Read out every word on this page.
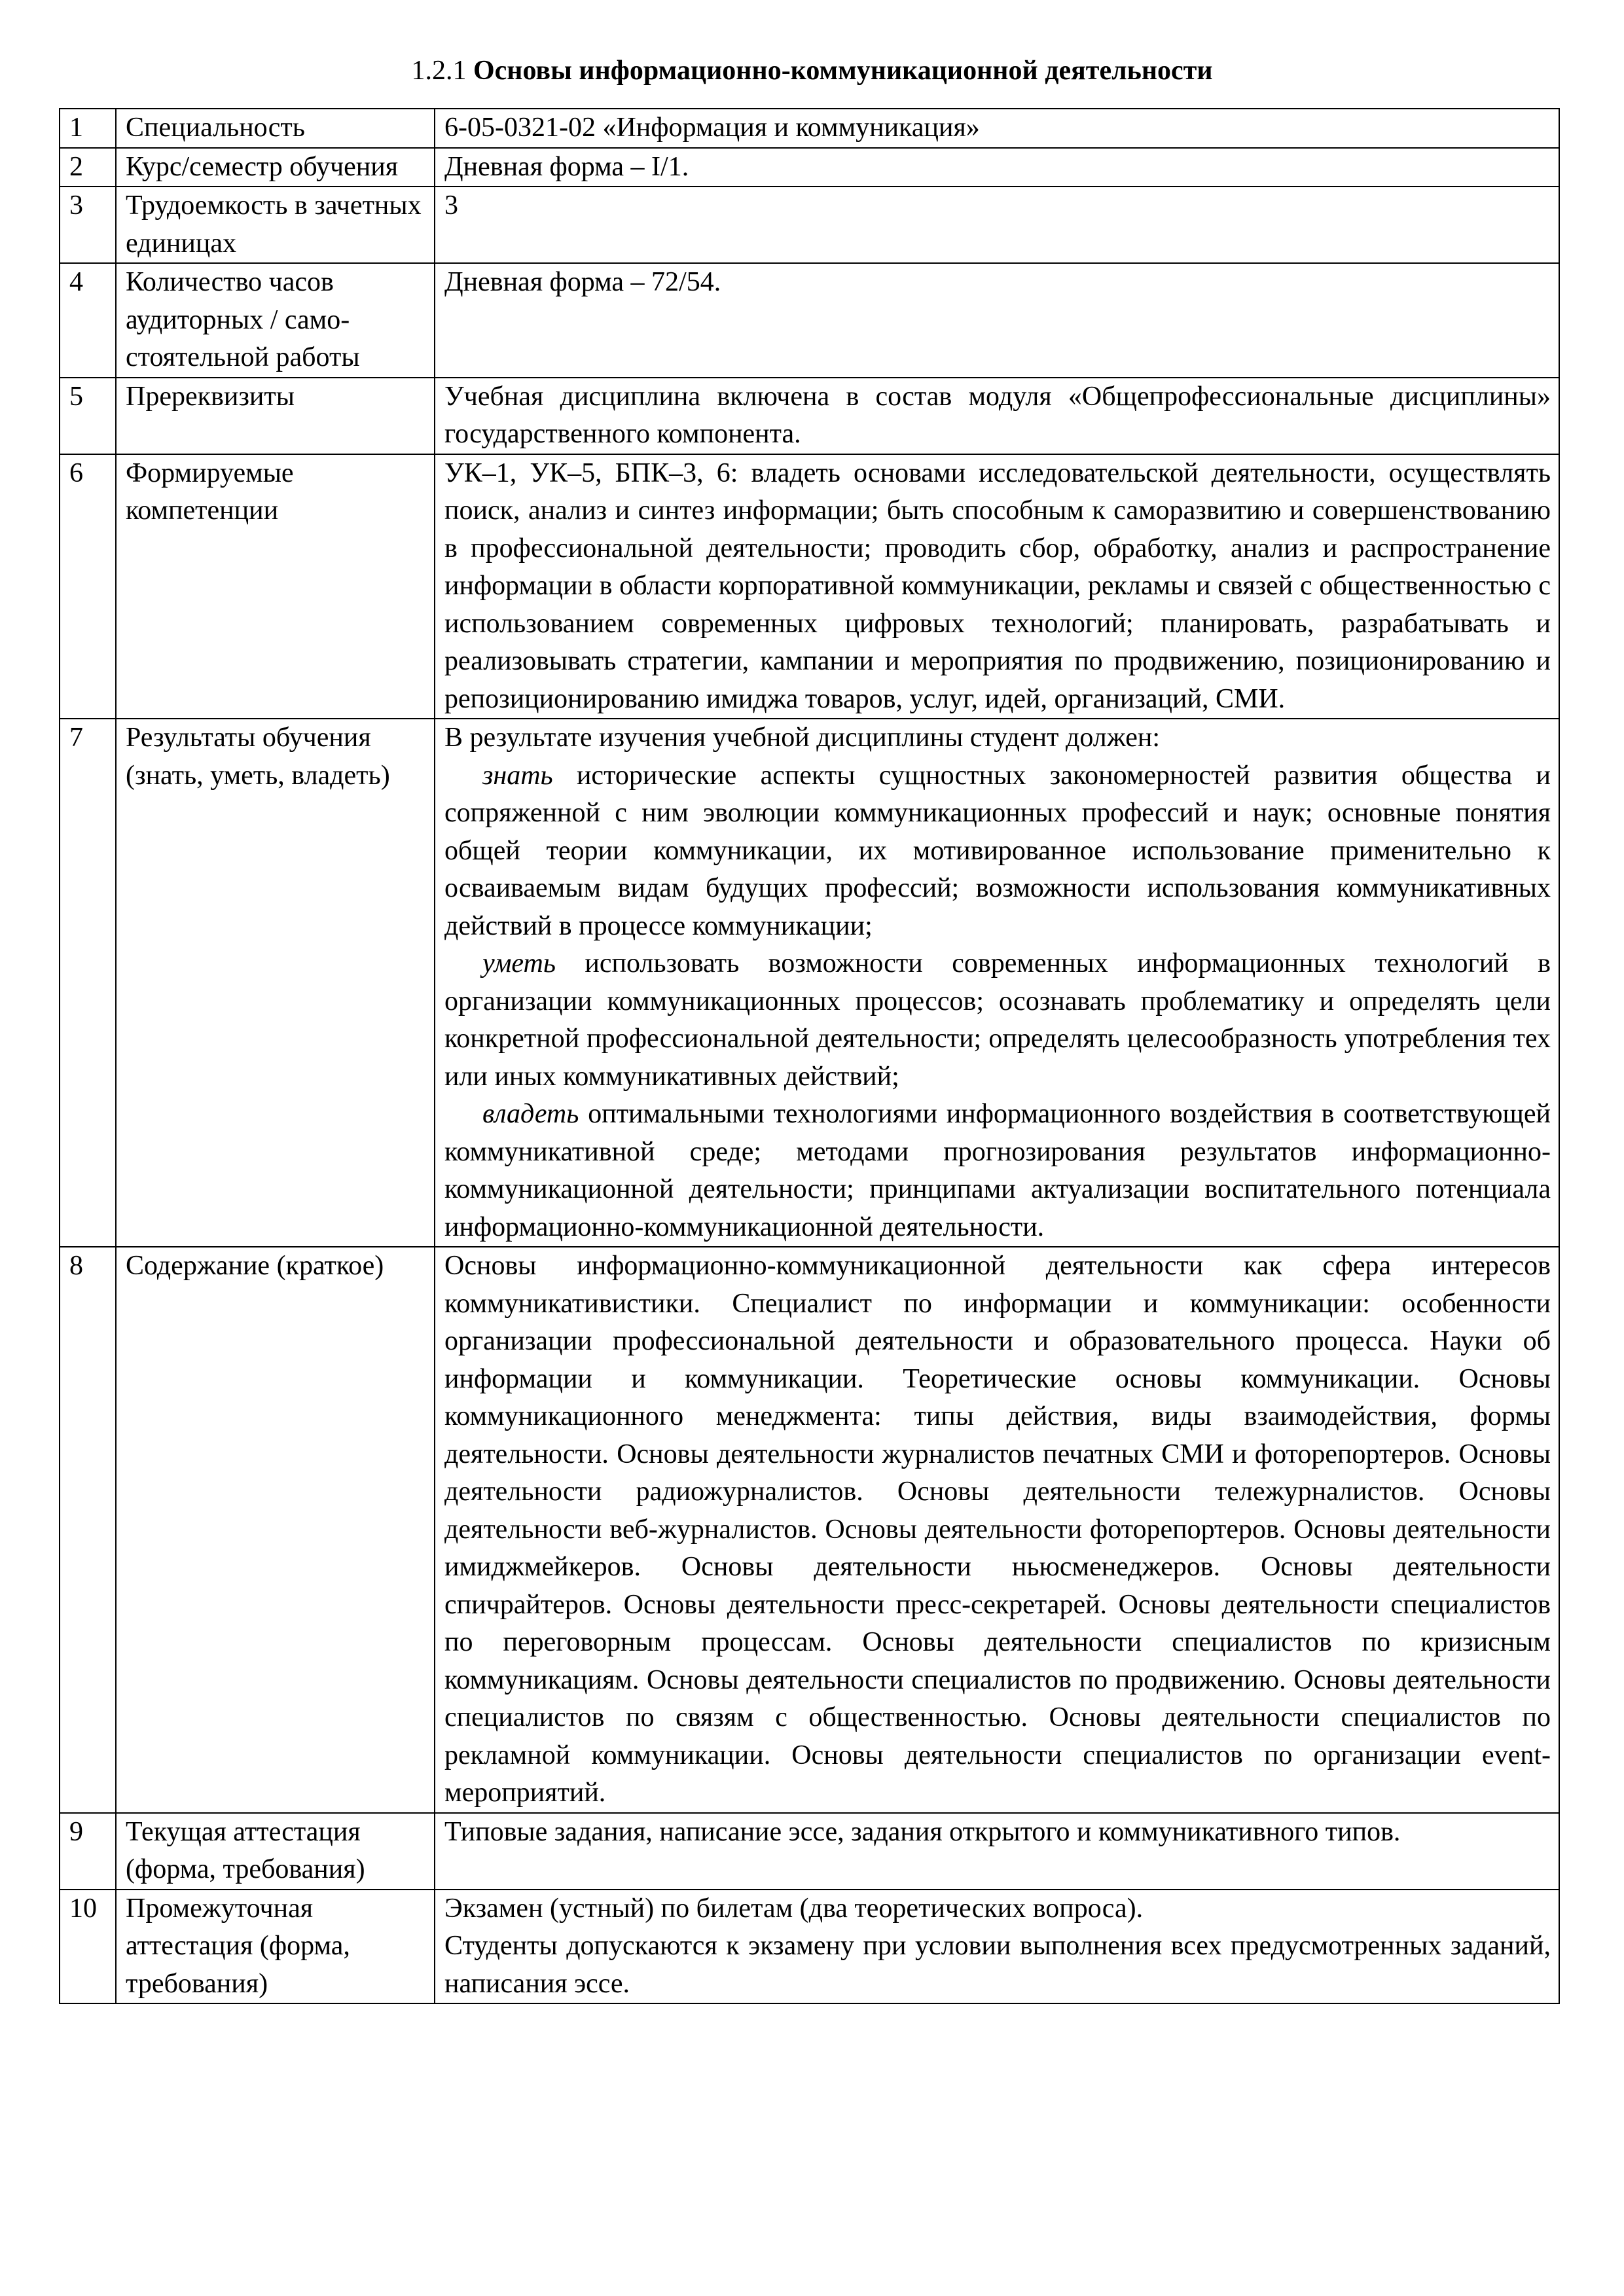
1.2.1 Основы информационно-коммуникационной деятельности
1	Специальность	6-05-0321-02 «Информация и коммуникация»
2	Курс/семестр обучения	Дневная форма – I/1.
3	Трудоемкость в зачетных единицах	3
4	Количество часов аудиторных / само-стоятельной работы	Дневная форма – 72/54.
5	Пререквизиты	Учебная дисциплина включена в состав модуля «Общепрофессиональные дисциплины» государственного компонента.
6	Формируемые компетенции	УК–1, УК–5, БПК–3, 6: владеть основами исследовательской деятельности, осуществлять поиск, анализ и синтез информации; быть способным к саморазвитию и совершенствованию в профессиональной деятельности; проводить сбор, обработку, анализ и распространение информации в области корпоративной коммуникации, рекламы и связей с общественностью с использованием современных цифровых технологий; планировать, разрабатывать и реализовывать стратегии, кампании и мероприятия по продвижению, позиционированию и репозиционированию имиджа товаров, услуг, идей, организаций, СМИ.
7	Результаты обучения (знать, уметь, владеть)	В результате изучения учебной дисциплины студент должен:

знать исторические аспекты сущностных закономерностей развития общества и сопряженной с ним эволюции коммуникационных профессий и наук; основные понятия общей теории коммуникации, их мотивированное использование применительно к осваиваемым видам будущих профессий; возможности использования коммуникативных действий в процессе коммуникации;

уметь использовать возможности современных информационных технологий в организации коммуникационных процессов; осознавать проблематику и определять цели конкретной профессиональной деятельности; определять целесообразность употребления тех или иных коммуникативных действий;

владеть оптимальными технологиями информационного воздействия в соответствующей коммуникативной среде; методами прогнозирования результатов информационно-коммуникационной деятельности; принципами актуализации воспитательного потенциала информационно-коммуникационной деятельности.

8	Содержание (краткое)	Основы информационно-коммуникационной деятельности как сфера интересов коммуникативистики. Специалист по информации и коммуникации: особенности организации профессиональной деятельности и образовательного процесса. Науки об информации и коммуникации. Теоретические основы коммуникации. Основы коммуникационного менеджмента: типы действия, виды взаимодействия, формы деятельности. Основы деятельности журналистов печатных СМИ и фоторепортеров. Основы деятельности радиожурналистов. Основы деятельности тележурналистов. Основы деятельности веб-журналистов. Основы деятельности фоторепортеров. Основы деятельности имиджмейкеров. Основы деятельности ньюсменеджеров. Основы деятельности спичрайтеров. Основы деятельности пресс-секретарей. Основы деятельности специалистов по переговорным процессам. Основы деятельности специалистов по кризисным коммуникациям. Основы деятельности специалистов по продвижению. Основы деятельности специалистов по связям с общественностью. Основы деятельности специалистов по рекламной коммуникации. Основы деятельности специалистов по организации event-мероприятий.
9	Текущая аттестация (форма, требования)	Типовые задания, написание эссе, задания открытого и коммуникативного типов.
10	Промежуточная аттестация (форма, требования)	Экзамен (устный) по билетам (два теоретических вопроса).

Студенты допускаются к экзамену при условии выполнения всех предусмотренных заданий, написания эссе.
